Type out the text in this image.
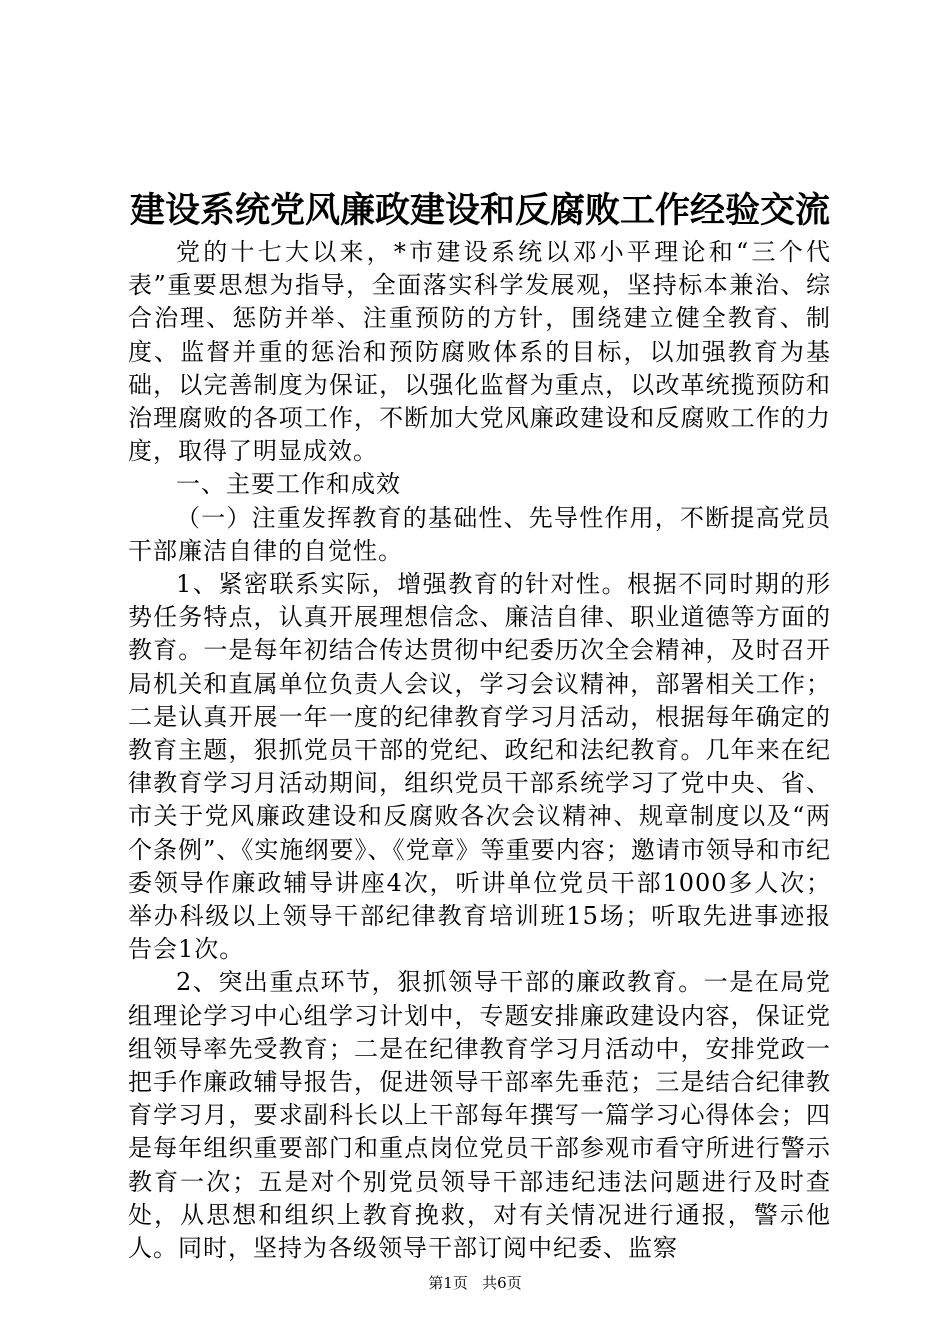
建设系统党风廉政建设和反腐败工作经验交流

党的十七大以来，*市建设系统以邓小平理论和“三个代表”重要思想为指导，全面落实科学发展观，坚持标本兼治、综合治理、惩防并举、注重预防的方针，围绕建立健全教育、制度、监督并重的惩治和预防腐败体系的目标，以加强教育为基础，以完善制度为保证，以强化监督为重点，以改革统揽预防和治理腐败的各项工作，不断加大党风廉政建设和反腐败工作的力度，取得了明显成效。

一、主要工作和成效

（一）注重发挥教育的基础性、先导性作用，不断提高党员干部廉洁自律的自觉性。

1、紧密联系实际，增强教育的针对性。根据不同时期的形势任务特点，认真开展理想信念、廉洁自律、职业道德等方面的教育。一是每年初结合传达贯彻中纪委历次全会精神，及时召开局机关和直属单位负责人会议，学习会议精神，部署相关工作；二是认真开展一年一度的纪律教育学习月活动，根据每年确定的教育主题，狠抓党员干部的党纪、政纪和法纪教育。几年来在纪律教育学习月活动期间，组织党员干部系统学习了党中央、省、市关于党风廉政建设和反腐败各次会议精神、规章制度以及“两个条例”、《实施纲要》、《党章》等重要内容；邀请市领导和市纪委领导作廉政辅导讲座4次，听讲单位党员干部1000多人次；举办科级以上领导干部纪律教育培训班15场；听取先进事迹报告会1次。

2、突出重点环节，狠抓领导干部的廉政教育。一是在局党组理论学习中心组学习计划中，专题安排廉政建设内容，保证党组领导率先受教育；二是在纪律教育学习月活动中，安排党政一把手作廉政辅导报告，促进领导干部率先垂范；三是结合纪律教育学习月，要求副科长以上干部每年撰写一篇学习心得体会；四是每年组织重要部门和重点岗位党员干部参观市看守所进行警示教育一次；五是对个别党员领导干部违纪违法问题进行及时查处，从思想和组织上教育挽救，对有关情况进行通报，警示他人。同时，坚持为各级领导干部订阅中纪委、监察

第1页 共6页
